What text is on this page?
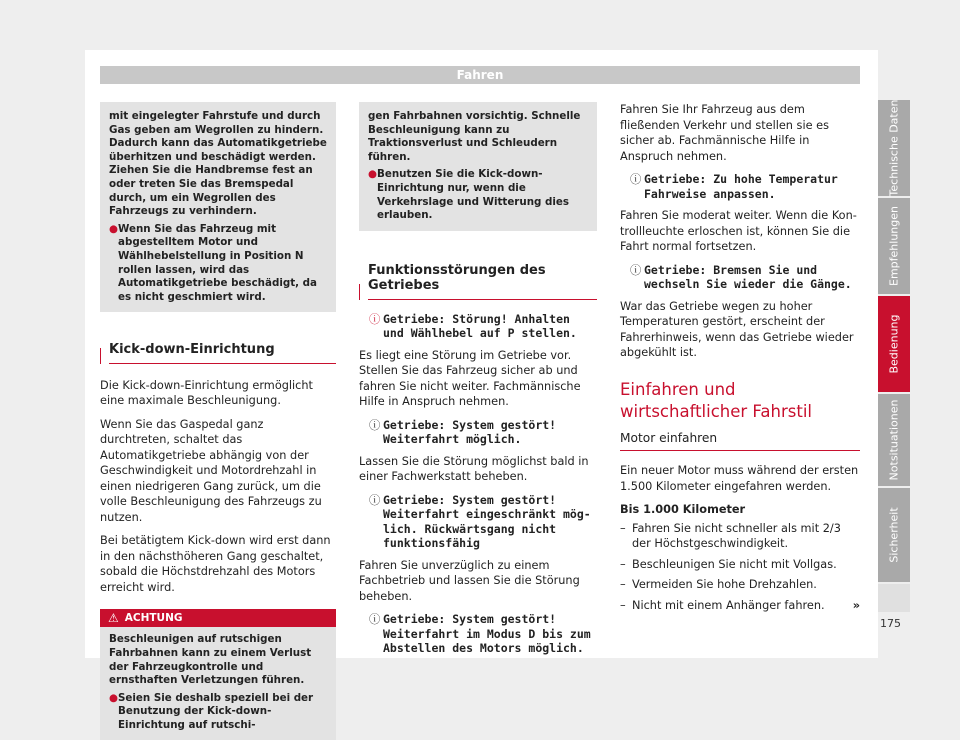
Fahren

mit eingelegter Fahrstufe und durch Gas geben am Wegrollen zu hindern. Dadurch kann das Automatikgetriebe überhitzen und beschädigt werden. Ziehen Sie die Handbremse fest an oder treten Sie das Bremspedal durch, um ein Wegrollen des Fahrzeugs zu verhindern.

● Wenn Sie das Fahrzeug mit abgestelltem Motor und Wählhebelstellung in Position N rollen lassen, wird das Automatikgetriebe beschädigt, da es nicht geschmiert wird.
Kick-down-Einrichtung

Die Kick-down-Einrichtung ermöglicht eine maximale Beschleunigung.

Wenn Sie das Gaspedal ganz durchtreten, schaltet das Automatikgetriebe abhängig von der Geschwindigkeit und Motordrehzahl in einen niedrigeren Gang zurück, um die volle Beschleunigung des Fahrzeugs zu nutzen.

Bei betätigtem Kick-down wird erst dann in den nächsthöheren Gang geschaltet, sobald die Höchstdrehzahl des Motors erreicht wird.

⚠ ACHTUNG

Beschleunigen auf rutschigen Fahrbahnen kann zu einem Verlust der Fahrzeugkontrolle und ernsthaften Verletzungen führen.

● Seien Sie deshalb speziell bei der Benutzung der Kick-down-Einrichtung auf rutschi-

gen Fahrbahnen vorsichtig. Schnelle Beschleunigung kann zu Traktionsverlust und Schleudern führen.

● Benutzen Sie die Kick-down-Einrichtung nur, wenn die Verkehrslage und Witterung dies erlauben.
Funktionsstörungen des Getriebes
ⓘ Getriebe: Störung! Anhalten und Wählhebel auf P stellen.

Es liegt eine Störung im Getriebe vor. Stellen Sie das Fahrzeug sicher ab und fahren Sie nicht weiter. Fachmännische Hilfe in Anspruch nehmen.

ⓘ Getriebe: System gestört! Weiterfahrt möglich.

Lassen Sie die Störung möglichst bald in einer Fachwerkstatt beheben.

ⓘ Getriebe: System gestört! Weiterfahrt eingeschränkt möglich. Rückwärtsgang nicht funktionsfähig

Fahren Sie unverzüglich zu einem Fachbetrieb und lassen Sie die Störung beheben.

ⓘ Getriebe: System gestört! Weiterfahrt im Modus D bis zum Abstellen des Motors möglich.

Fahren Sie Ihr Fahrzeug aus dem fließenden Verkehr und stellen sie es sicher ab. Fachmännische Hilfe in Anspruch nehmen.

ⓘ Getriebe: Zu hohe Temperatur Fahrweise anpassen.

Fahren Sie moderat weiter. Wenn die Kontrollleuchte erloschen ist, können Sie die Fahrt normal fortsetzen.

ⓘ Getriebe: Bremsen Sie und wechseln Sie wieder die Gänge.

War das Getriebe wegen zu hoher Temperaturen gestört, erscheint der Fahrerhinweis, wenn das Getriebe wieder abgekühlt ist.

Einfahren und wirtschaftlicher Fahrstil
Motor einfahren

Ein neuer Motor muss während der ersten 1.500 Kilometer eingefahren werden.

Bis 1.000 Kilometer
– Fahren Sie nicht schneller als mit 2/3 der Höchstgeschwindigkeit.
– Beschleunigen Sie nicht mit Vollgas.
– Vermeiden Sie hohe Drehzahlen.
– Nicht mit einem Anhänger fahren. »
Technische Daten
Empfehlungen
Bedienung
Notsituationen
Sicherheit
175
